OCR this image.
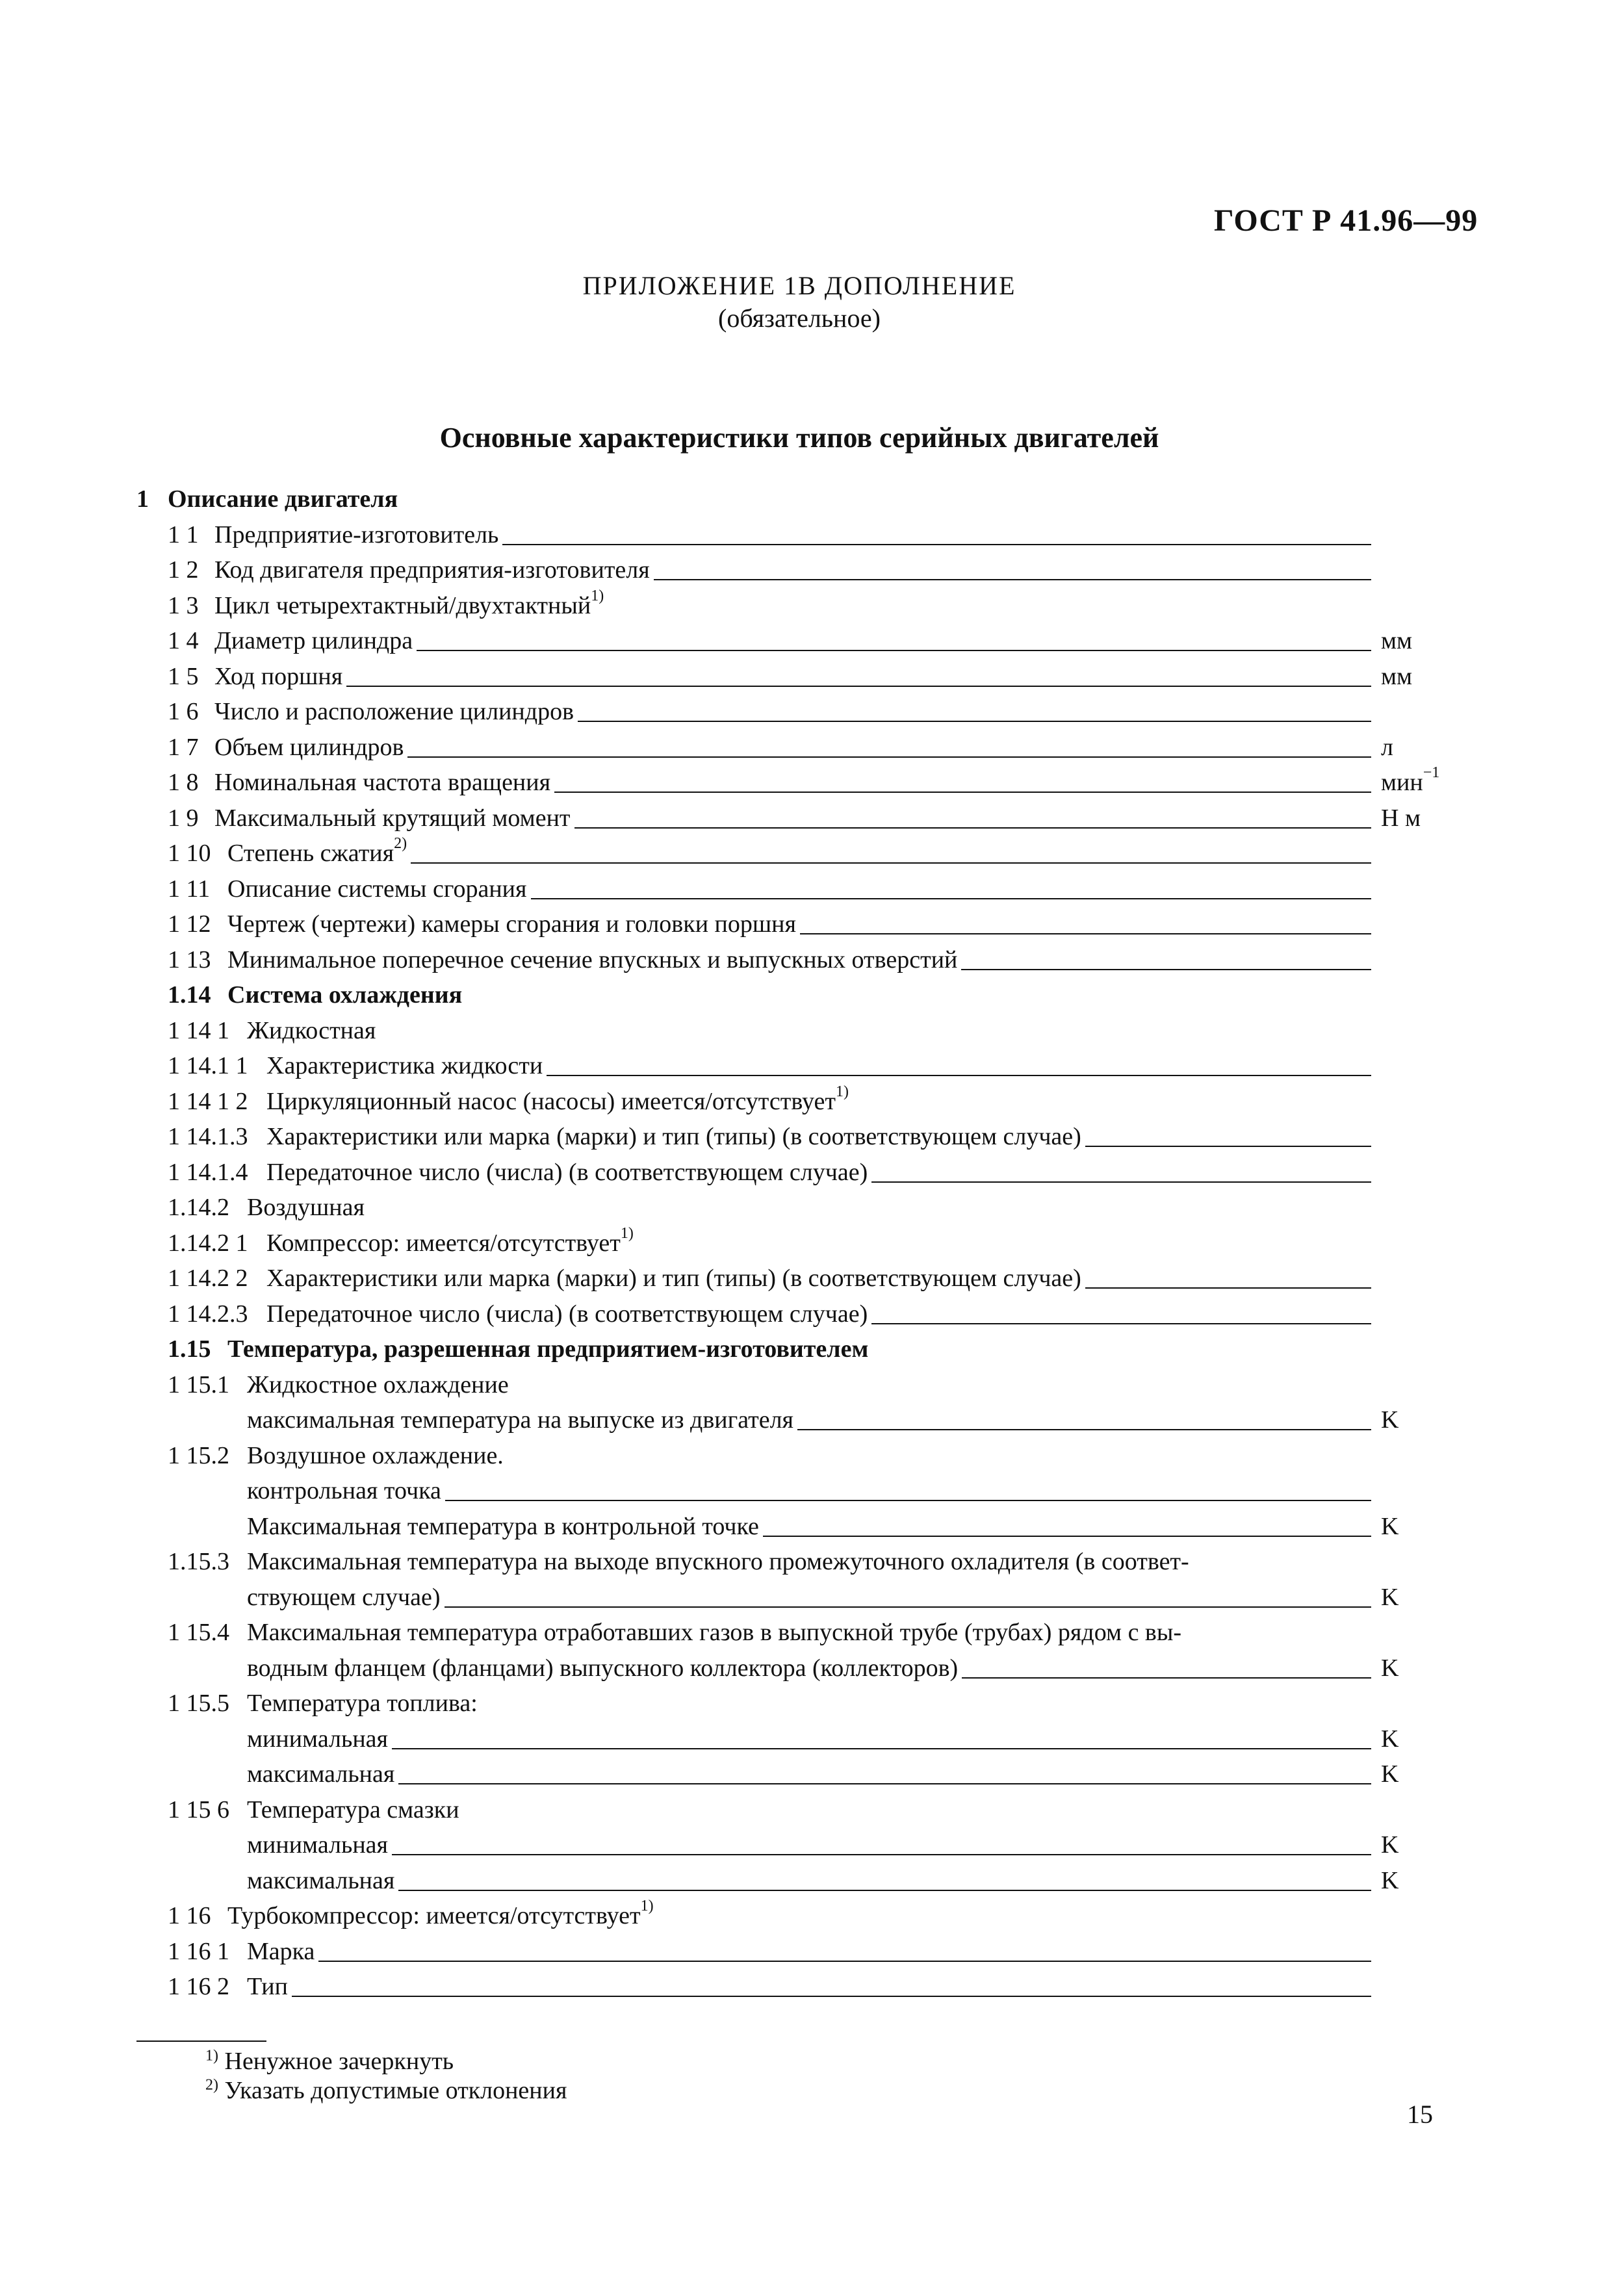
ГОСТ Р 41.96—99
ПРИЛОЖЕНИЕ 1В ДОПОЛНЕНИЕ
(обязательное)
Основные характеристики типов серийных двигателей
1 Описание двигателя
1 1 Предприятие-изготовитель
1 2 Код двигателя предприятия-изготовителя
1 3 Цикл четырехтактный/двухтактный$^{1)}$
1 4 Диаметр цилиндра	мм
1 5 Ход поршня	мм
1 6 Число и расположение цилиндров
1 7 Объем цилиндров	л
1 8 Номинальная частота вращения	мин$^{-1}$
1 9 Максимальный крутящий момент	Н м
1 10 Степень сжатия$^{2)}$
1 11 Описание системы сгорания
1 12 Чертеж (чертежи) камеры сгорания и головки поршня
1 13 Минимальное поперечное сечение впускных и выпускных отверстий
1.14 Система охлаждения
1 14 1 Жидкостная
1 14.1 1 Характеристика жидкости
1 14 1 2 Циркуляционный насос (насосы) имеется/отсутствует$^{1)}$
1 14.1.3 Характеристики или марка (марки) и тип (типы) (в соответствующем случае)
1 14.1.4 Передаточное число (числа) (в соответствующем случае)
1.14.2 Воздушная
1.14.2 1 Компрессор: имеется/отсутствует$^{1)}$
1 14.2 2 Характеристики или марка (марки) и тип (типы) (в соответствующем случае)
1 14.2.3 Передаточное число (числа) (в соответствующем случае)
1.15 Температура, разрешенная предприятием-изготовителем
1 15.1 Жидкостное охлаждение
максимальная температура на выпуске из двигателя	K
1 15.2 Воздушное охлаждение.
контрольная точка
Максимальная температура в контрольной точке	K
1.15.3 Максимальная температура на выходе впускного промежуточного охладителя (в соответ-
ствующем случае)	K
1 15.4 Максимальная температура отработавших газов в выпускной трубе (трубах) рядом с вы-
водным фланцем (фланцами) выпускного коллектора (коллекторов)	K
1 15.5 Температура топлива:
минимальная	K
максимальная	K
1 15 6 Температура смазки
минимальная	K
максимальная	K
1 16 Турбокомпрессор: имеется/отсутствует$^{1)}$
1 16 1 Марка
1 16 2 Тип
$^{1)}$ Ненужное зачеркнуть
$^{2)}$ Указать допустимые отклонения
15
